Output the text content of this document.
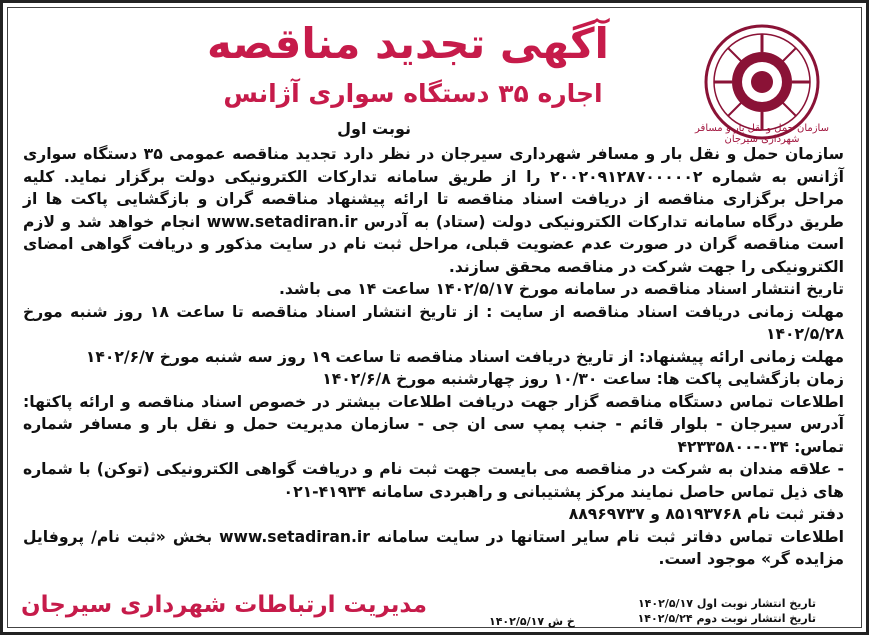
آگهی تجدید مناقصه
اجاره ۳۵ دستگاه سواری آژانس
سازمان حمل و نقل بار و مسافر شهرداری سیرجان
نوبت اول

سازمان حمل و نقل بار و مسافر شهرداری سیرجان در نظر دارد تجدید مناقصه عمومی ۳۵ دستگاه سواری آژانس به شماره ۲۰۰۲۰۹۱۲۸۷۰۰۰۰۰۲ را از طریق سامانه تدارکات الکترونیکی دولت برگزار نماید. کلیه مراحل برگزاری مناقصه از دریافت اسناد مناقصه تا ارائه پیشنهاد مناقصه گران و بازگشایی پاکت ها از طریق درگاه سامانه تدارکات الکترونیکی دولت (ستاد) به آدرس www.setadiran.ir انجام خواهد شد و لازم است مناقصه گران در صورت عدم عضویت قبلی، مراحل ثبت نام در سایت مذکور و دریافت گواهی امضای الکترونیکی را جهت شرکت در مناقصه محقق سازند.

تاریخ انتشار اسناد مناقصه در سامانه مورخ ۱۴۰۲/۵/۱۷ ساعت ۱۴ می باشد.

مهلت زمانی دریافت اسناد مناقصه از سایت : از تاریخ انتشار اسناد مناقصه تا ساعت ۱۸ روز شنبه مورخ ۱۴۰۲/۵/۲۸

مهلت زمانی ارائه پیشنهاد: از تاریخ دریافت اسناد مناقصه تا ساعت ۱۹ روز سه شنبه مورخ ۱۴۰۲/۶/۷

زمان بازگشایی پاکت ها: ساعت ۱۰/۳۰ روز چهارشنبه مورخ ۱۴۰۲/۶/۸

اطلاعات تماس دستگاه مناقصه گزار جهت دریافت اطلاعات بیشتر در خصوص اسناد مناقصه و ارائه پاکتها: آدرس سیرجان - بلوار قائم - جنب پمپ سی ان جی - سازمان مدیریت حمل و نقل بار و مسافر شماره تماس: ۰۳۴-۴۲۳۳۵۸۰۰

- علاقه مندان به شرکت در مناقصه می بایست جهت ثبت نام و دریافت گواهی الکترونیکی (توکن) با شماره های ذیل تماس حاصل نمایند مرکز پشتیبانی و راهبردی سامانه ۴۱۹۳۴-۰۲۱

دفتر ثبت نام ۸۵۱۹۳۷۶۸ و ۸۸۹۶۹۷۳۷

اطلاعات تماس دفاتر ثبت نام سایر استانها در سایت سامانه www.setadiran.ir بخش «ثبت نام/ پروفایل مزایده گر» موجود است.

مدیریت ارتباطات شهرداری سیرجان
خ ش ۱۴۰۲/۵/۱۷
تاریخ انتشار نوبت اول ۱۴۰۲/۵/۱۷
تاریخ انتشار نوبت دوم ۱۴۰۲/۵/۲۴
